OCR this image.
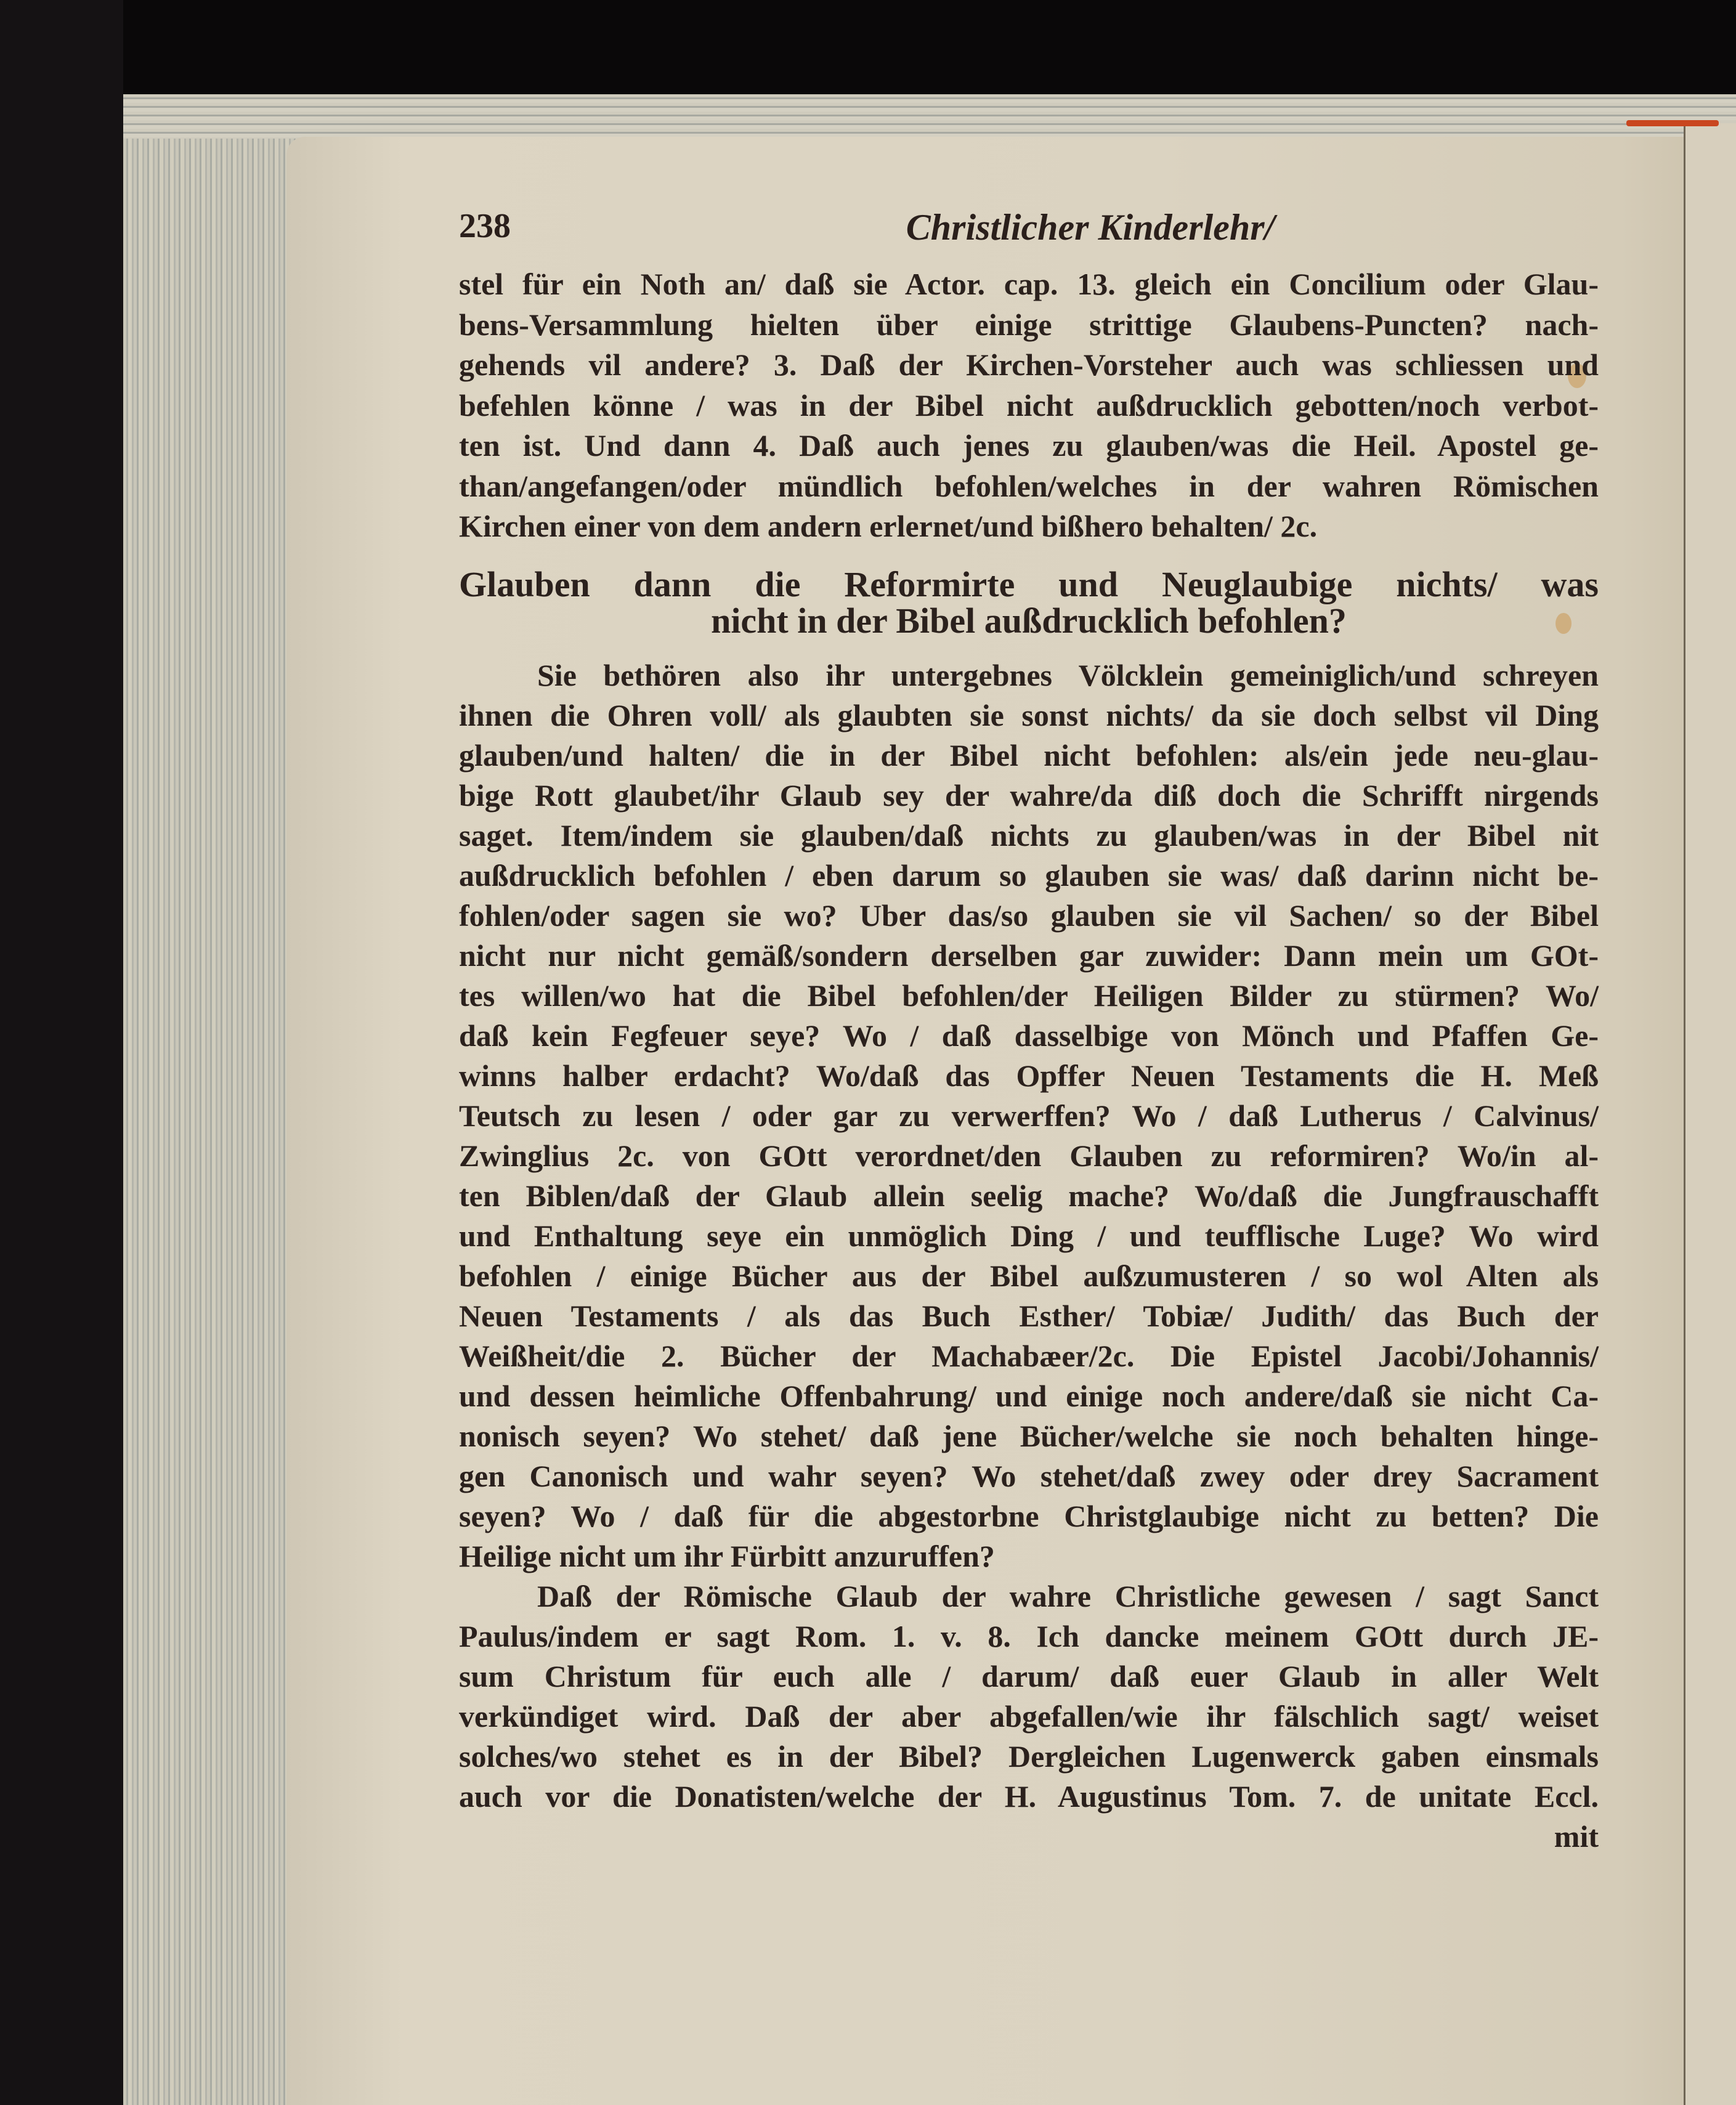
238	Christlicher Kinderlehr/
stel für ein Noth an/ daß sie Actor. cap. 13. gleich ein Concilium oder Glau-
bens-Versammlung hielten über einige strittige Glaubens-Puncten? nach-
gehends vil andere? 3. Daß der Kirchen-Vorsteher auch was schliessen und
befehlen könne / was in der Bibel nicht außdrucklich gebotten/noch verbot-
ten ist. Und dann 4. Daß auch jenes zu glauben/was die Heil. Apostel ge-
than/angefangen/oder mündlich befohlen/welches in der wahren Römischen
Kirchen einer von dem andern erlernet/und bißhero behalten/ 2c.
Glauben dann die Reformirte und Neuglaubige nichts/ was
nicht in der Bibel außdrucklich befohlen?
Sie bethören also ihr untergebnes Völcklein gemeiniglich/und schreyen
ihnen die Ohren voll/ als glaubten sie sonst nichts/ da sie doch selbst vil Ding
glauben/und halten/ die in der Bibel nicht befohlen: als/ein jede neu-glau-
bige Rott glaubet/ihr Glaub sey der wahre/da diß doch die Schrifft nirgends
saget. Item/indem sie glauben/daß nichts zu glauben/was in der Bibel nit
außdrucklich befohlen / eben darum so glauben sie was/ daß darinn nicht be-
fohlen/oder sagen sie wo? Uber das/so glauben sie vil Sachen/ so der Bibel
nicht nur nicht gemäß/sondern derselben gar zuwider: Dann mein um GOt-
tes willen/wo hat die Bibel befohlen/der Heiligen Bilder zu stürmen? Wo/
daß kein Fegfeuer seye? Wo / daß dasselbige von Mönch und Pfaffen Ge-
winns halber erdacht? Wo/daß das Opffer Neuen Testaments die H. Meß
Teutsch zu lesen / oder gar zu verwerffen? Wo / daß Lutherus / Calvinus/
Zwinglius 2c. von GOtt verordnet/den Glauben zu reformiren? Wo/in al-
ten Biblen/daß der Glaub allein seelig mache? Wo/daß die Jungfrauschafft
und Enthaltung seye ein unmöglich Ding / und teufflische Luge? Wo wird
befohlen / einige Bücher aus der Bibel außzumusteren / so wol Alten als
Neuen Testaments / als das Buch Esther/ Tobiæ/ Judith/ das Buch der
Weißheit/die 2. Bücher der Machabæer/2c. Die Epistel Jacobi/Johannis/
und dessen heimliche Offenbahrung/ und einige noch andere/daß sie nicht Ca-
nonisch seyen? Wo stehet/ daß jene Bücher/welche sie noch behalten hinge-
gen Canonisch und wahr seyen? Wo stehet/daß zwey oder drey Sacrament
seyen? Wo / daß für die abgestorbne Christglaubige nicht zu betten? Die
Heilige nicht um ihr Fürbitt anzuruffen?
Daß der Römische Glaub der wahre Christliche gewesen / sagt Sanct
Paulus/indem er sagt Rom. 1. v. 8. Ich dancke meinem GOtt durch JE-
sum Christum für euch alle / darum/ daß euer Glaub in aller Welt
verkündiget wird. Daß der aber abgefallen/wie ihr fälschlich sagt/ weiset
solches/wo stehet es in der Bibel? Dergleichen Lugenwerck gaben einsmals
auch vor die Donatisten/welche der H. Augustinus Tom. 7. de unitate Eccl.
mit
